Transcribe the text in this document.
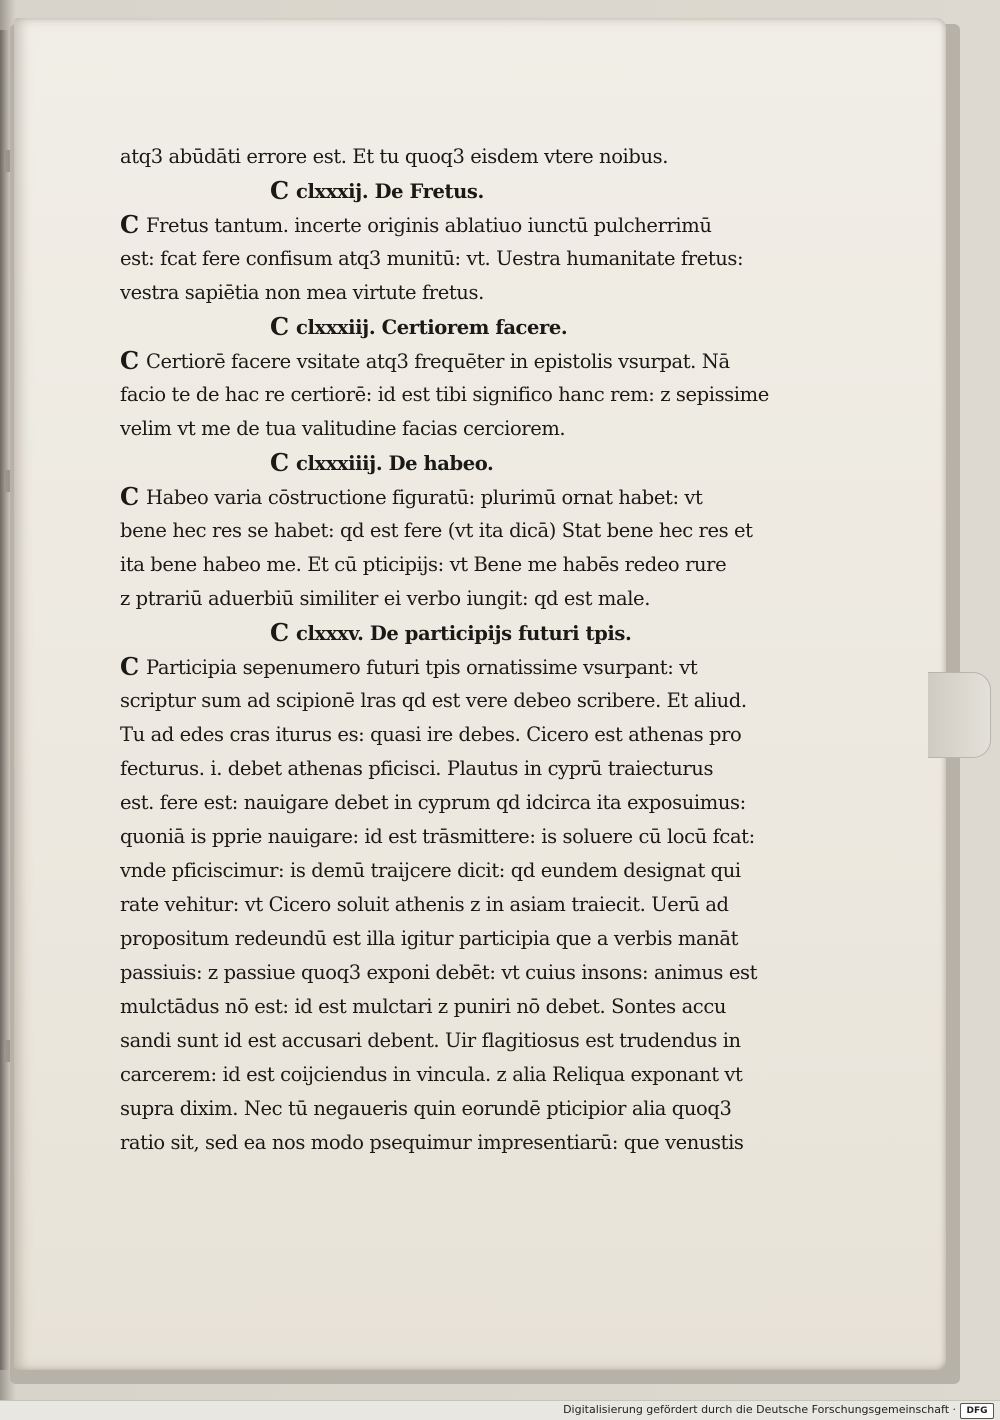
atq3 abūdāti errore est. Et tu quoq3 eisdem vtere noibus.
C clxxxij. De Fretus.
C Fretus tantum. incerte originis ablatiuo iunctū pulcherrimū
est: fcat fere confisum atq3 munitū: vt. Uestra humanitate fretus:
vestra sapiētia non mea virtute fretus.
C clxxxiij. Certiorem facere.
C Certiorē facere vsitate atq3 frequēter in epistolis vsurpat. Nā
facio te de hac re certiorē: id est tibi significo hanc rem: z sepissime
velim vt me de tua valitudine facias cerciorem.
C clxxxiiij. De habeo.
C Habeo varia cōstructione figuratū: plurimū ornat habet: vt
bene hec res se habet: qd est fere (vt ita dicā) Stat bene hec res et
ita bene habeo me. Et cū pticipijs: vt Bene me habēs redeo rure
z ptrariū aduerbiū similiter ei verbo iungit: qd est male.
C clxxxv. De participijs futuri tpis.
C Participia sepenumero futuri tpis ornatissime vsurpant: vt
scriptur sum ad scipionē lras qd est vere debeo scribere. Et aliud.
Tu ad edes cras iturus es: quasi ire debes. Cicero est athenas pro
fecturus. i. debet athenas pficisci. Plautus in cyprū traiecturus
est. fere est: nauigare debet in cyprum qd idcirca ita exposuimus:
quoniā is pprie nauigare: id est trāsmittere: is soluere cū locū fcat:
vnde pficiscimur: is demū traijcere dicit: qd eundem designat qui
rate vehitur: vt Cicero soluit athenis z in asiam traiecit. Uerū ad
propositum redeundū est illa igitur participia que a verbis manāt
passiuis: z passiue quoq3 exponi debēt: vt cuius insons: animus est
mulctādus nō est: id est mulctari z puniri nō debet. Sontes accu
sandi sunt id est accusari debent. Uir flagitiosus est trudendus in
carcerem: id est coijciendus in vincula. z alia Reliqua exponant vt
supra dixim. Nec tū negaueris quin eorundē pticipior alia quoq3
ratio sit, sed ea nos modo psequimur impresentiarū: que venustis
Digitalisierung gefördert durch die Deutsche Forschungsgemeinschaft ·	DFG
